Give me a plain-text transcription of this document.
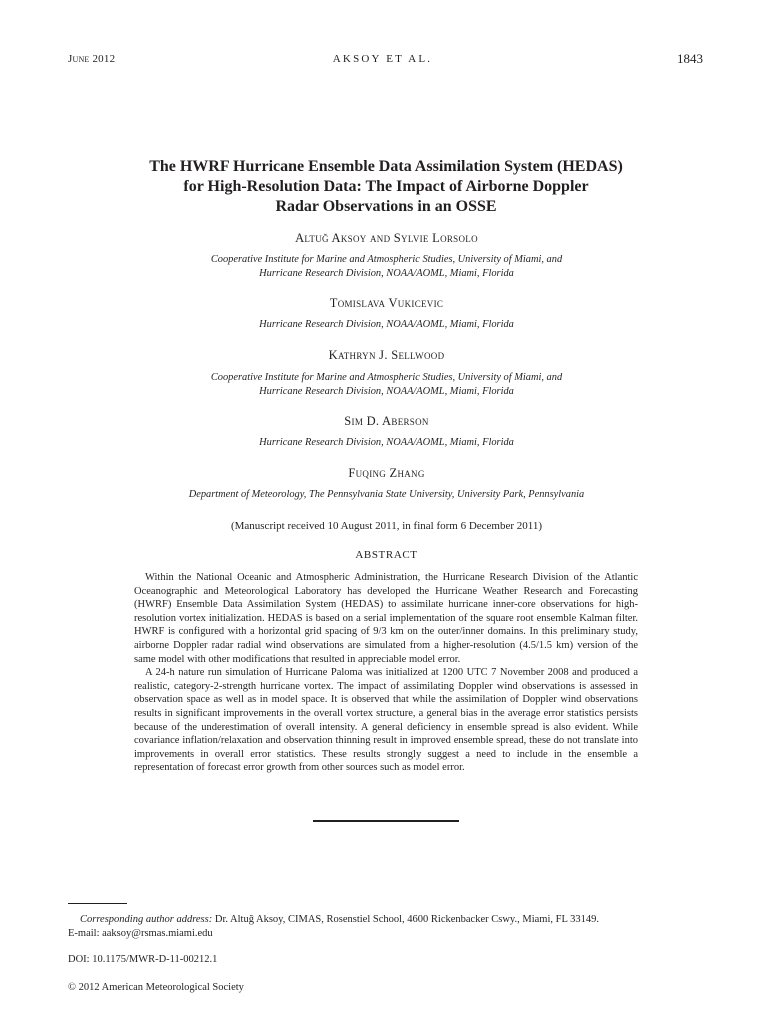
June 2012	AKSOY ET AL.	1843
The HWRF Hurricane Ensemble Data Assimilation System (HEDAS)
for High-Resolution Data: The Impact of Airborne Doppler
Radar Observations in an OSSE
Altuğ Aksoy and Sylvie Lorsolo
Cooperative Institute for Marine and Atmospheric Studies, University of Miami, and
Hurricane Research Division, NOAA/AOML, Miami, Florida
Tomislava Vukicevic
Hurricane Research Division, NOAA/AOML, Miami, Florida
Kathryn J. Sellwood
Cooperative Institute for Marine and Atmospheric Studies, University of Miami, and
Hurricane Research Division, NOAA/AOML, Miami, Florida
Sim D. Aberson
Hurricane Research Division, NOAA/AOML, Miami, Florida
Fuqing Zhang
Department of Meteorology, The Pennsylvania State University, University Park, Pennsylvania
(Manuscript received 10 August 2011, in final form 6 December 2011)
ABSTRACT

Within the National Oceanic and Atmospheric Administration, the Hurricane Research Division of the Atlantic Oceanographic and Meteorological Laboratory has developed the Hurricane Weather Research and Forecasting (HWRF) Ensemble Data Assimilation System (HEDAS) to assimilate hurricane inner-core observations for high-resolution vortex initialization. HEDAS is based on a serial implementation of the square root ensemble Kalman filter. HWRF is configured with a horizontal grid spacing of 9/3 km on the outer/inner domains. In this preliminary study, airborne Doppler radar radial wind observations are simulated from a higher-resolution (4.5/1.5 km) version of the same model with other modifications that resulted in appreciable model error.

A 24-h nature run simulation of Hurricane Paloma was initialized at 1200 UTC 7 November 2008 and produced a realistic, category-2-strength hurricane vortex. The impact of assimilating Doppler wind observations is assessed in observation space as well as in model space. It is observed that while the assimilation of Doppler wind observations results in significant improvements in the overall vortex structure, a general bias in the average error statistics persists because of the underestimation of overall intensity. A general deficiency in ensemble spread is also evident. While covariance inflation/relaxation and observation thinning result in improved ensemble spread, these do not translate into improvements in overall error statistics. These results strongly suggest a need to include in the ensemble a representation of forecast error growth from other sources such as model error.

Corresponding author address: Dr. Altuğ Aksoy, CIMAS, Rosenstiel School, 4600 Rickenbacker Cswy., Miami, FL 33149.
E-mail: aaksoy@rsmas.miami.edu
DOI: 10.1175/MWR-D-11-00212.1
© 2012 American Meteorological Society
